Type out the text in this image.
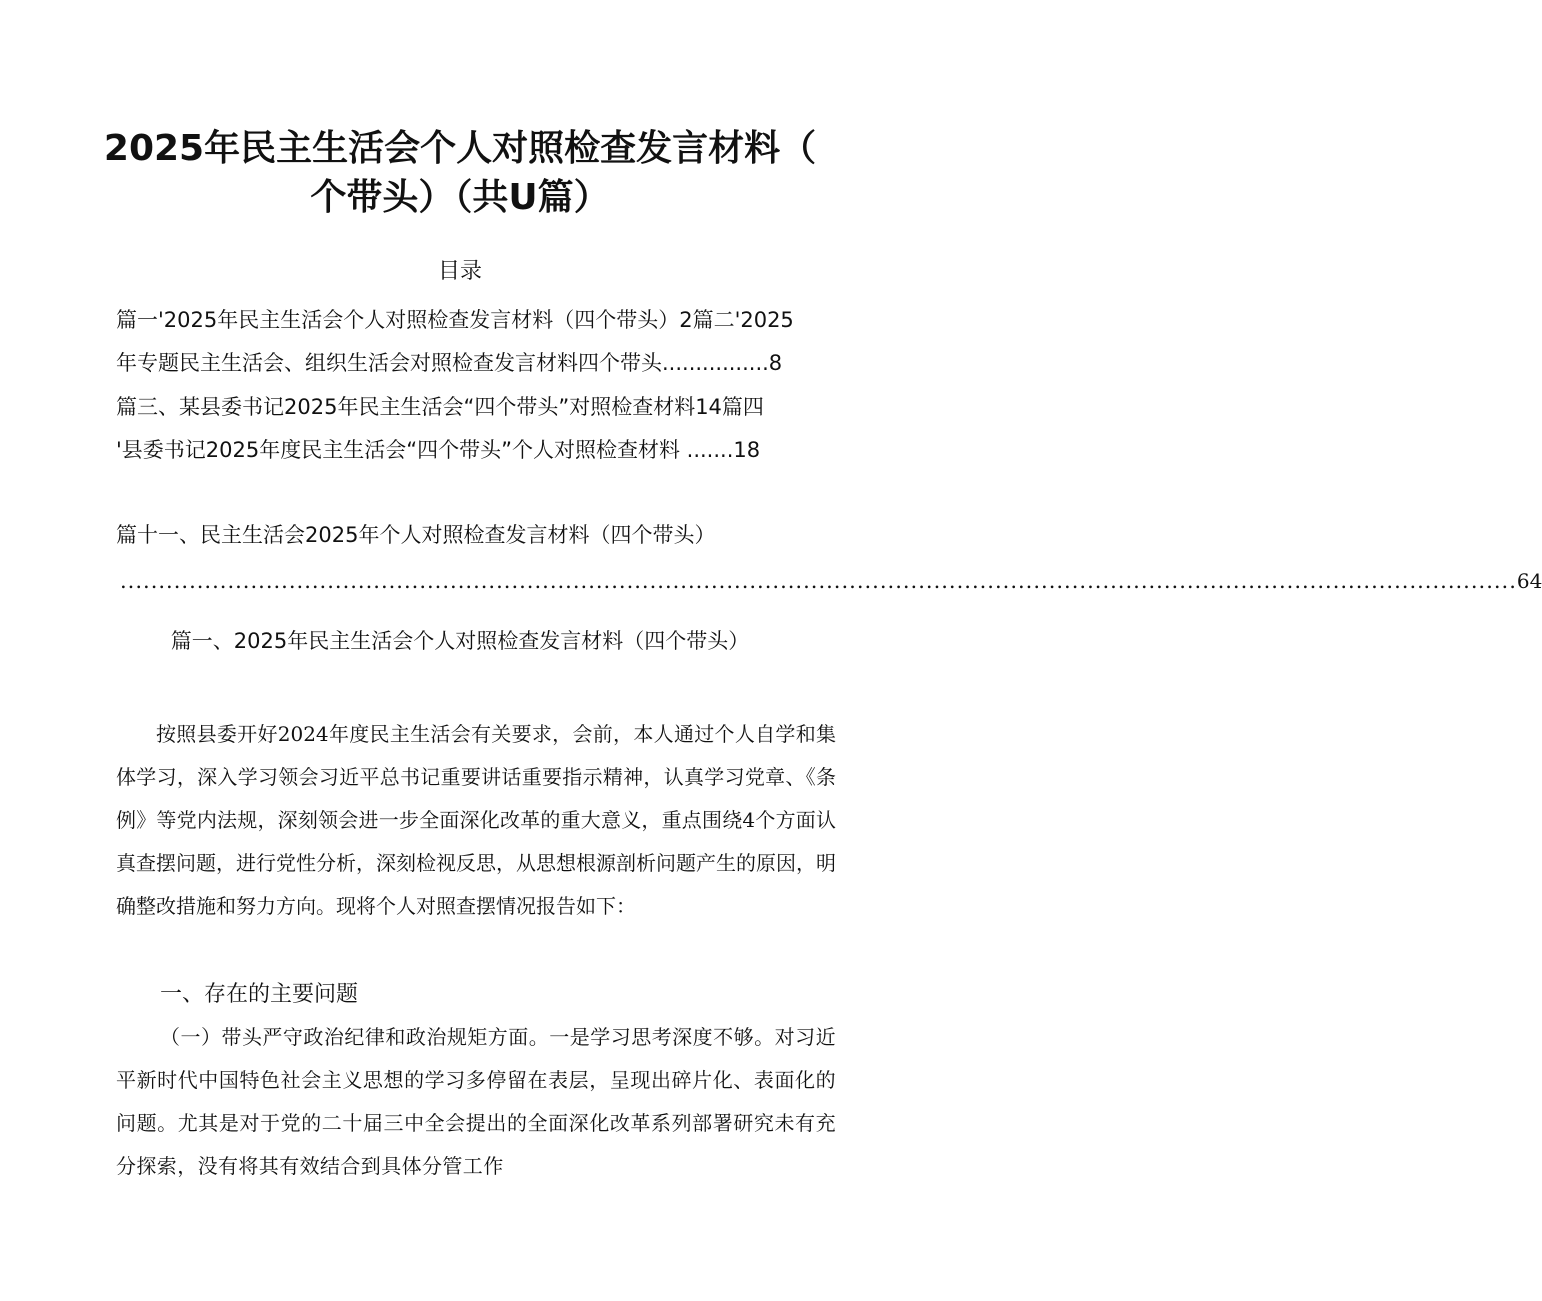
2025年民主生活会个人对照检查发言材料（
个带头）（共U篇）
目录
篇一'2025年民主生活会个人对照检查发言材料（四个带头）2篇二'2025
年专题民主生活会、组织生活会对照检查发言材料四个带头................8
篇三、某县委书记2025年民主生活会“四个带头”对照检查材料14篇四
'县委书记2025年度民主生活会“四个带头”个人对照检查材料 .......18
篇十一、民主生活会2025年个人对照检查发言材料（四个带头）
...................................................................................................................................................................................... 64
篇一、2025年民主生活会个人对照检查发言材料（四个带头）
按照县委开好2024年度民主生活会有关要求，会前，本人通过个人自学和集体学习，深入学习领会习近平总书记重要讲话重要指示精神，认真学习党章、《条例》等党内法规，深刻领会进一步全面深化改革的重大意义，重点围绕4个方面认真查摆问题，进行党性分析，深刻检视反思，从思想根源剖析问题产生的原因，明确整改措施和努力方向。现将个人对照查摆情况报告如下：
一、存在的主要问题
（一）带头严守政治纪律和政治规矩方面。一是学习思考深度不够。对习近平新时代中国特色社会主义思想的学习多停留在表层，呈现出碎片化、表面化的问题。尤其是对于党的二十届三中全会提出的全面深化改革系列部署研究未有充分探索，没有将其有效结合到具体分管工作
